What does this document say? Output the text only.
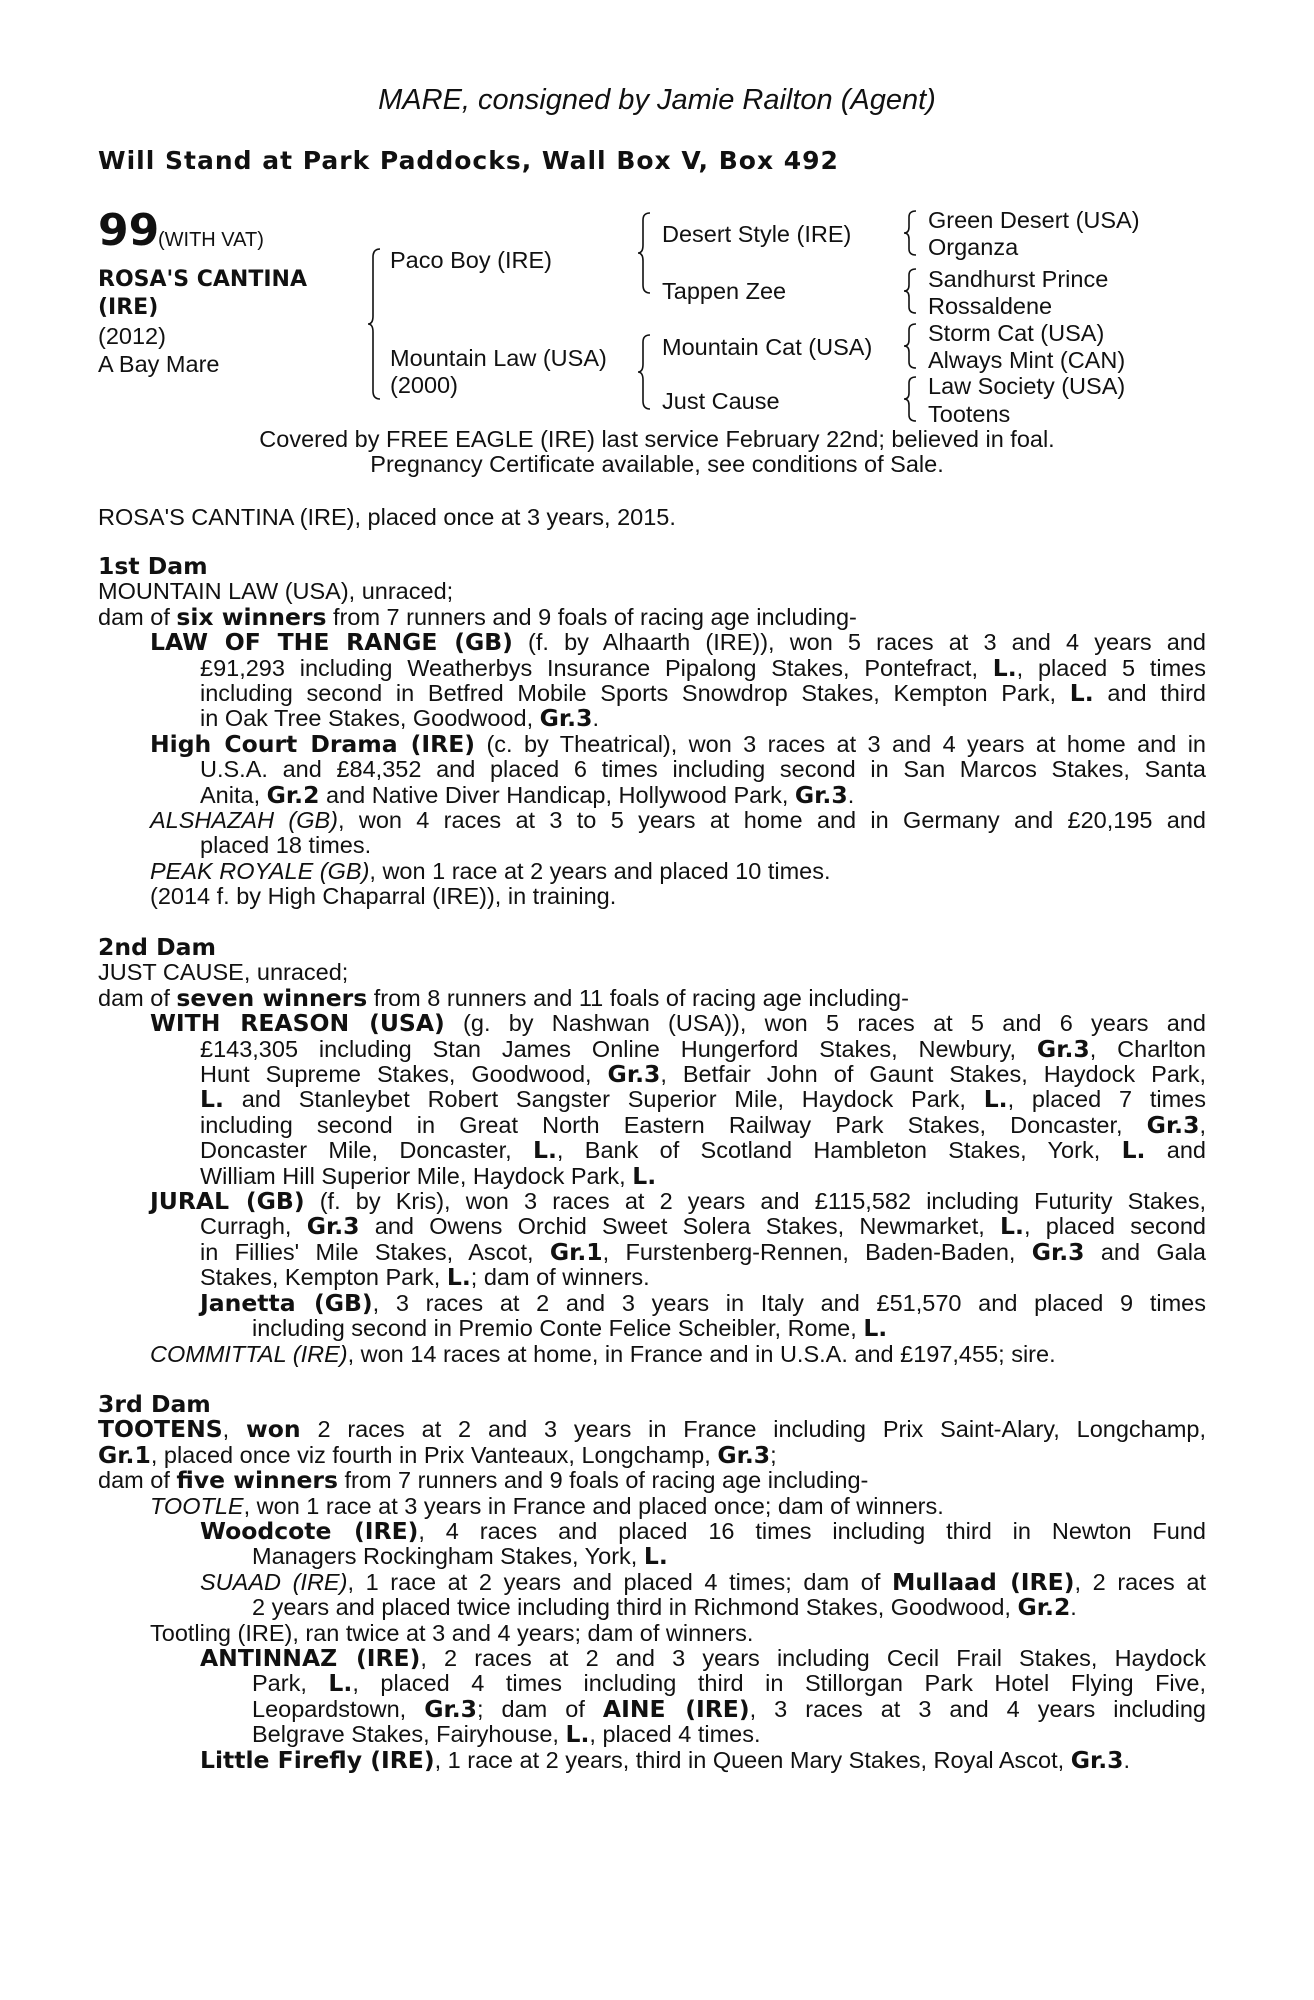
MARE, consigned by Jamie Railton (Agent)
Will Stand at Park Paddocks, Wall Box V, Box 492
99
(WITH VAT)
ROSA'S CANTINA
(IRE)
(2012)
A Bay Mare
Paco Boy (IRE)
Mountain Law (USA)
(2000)
Desert Style (IRE)
Tappen Zee
Mountain Cat (USA)
Just Cause
Green Desert (USA)
Organza
Sandhurst Prince
Rossaldene
Storm Cat (USA)
Always Mint (CAN)
Law Society (USA)
Tootens
Covered by FREE EAGLE (IRE) last service February 22nd; believed in foal.
Pregnancy Certificate available, see conditions of Sale.
ROSA'S CANTINA (IRE), placed once at 3 years, 2015.
1st Dam
MOUNTAIN LAW (USA), unraced;
dam of six winners from 7 runners and 9 foals of racing age including-
LAW OF THE RANGE (GB) (f. by Alhaarth (IRE)), won 5 races at 3 and 4 years and
£91,293 including Weatherbys Insurance Pipalong Stakes, Pontefract, L., placed 5 times
including second in Betfred Mobile Sports Snowdrop Stakes, Kempton Park, L. and third
in Oak Tree Stakes, Goodwood, Gr.3.
High Court Drama (IRE) (c. by Theatrical), won 3 races at 3 and 4 years at home and in
U.S.A. and £84,352 and placed 6 times including second in San Marcos Stakes, Santa
Anita, Gr.2 and Native Diver Handicap, Hollywood Park, Gr.3.
ALSHAZAH (GB), won 4 races at 3 to 5 years at home and in Germany and £20,195 and
placed 18 times.
PEAK ROYALE (GB), won 1 race at 2 years and placed 10 times.
(2014 f. by High Chaparral (IRE)), in training.
2nd Dam
JUST CAUSE, unraced;
dam of seven winners from 8 runners and 11 foals of racing age including-
WITH REASON (USA) (g. by Nashwan (USA)), won 5 races at 5 and 6 years and
£143,305 including Stan James Online Hungerford Stakes, Newbury, Gr.3, Charlton
Hunt Supreme Stakes, Goodwood, Gr.3, Betfair John of Gaunt Stakes, Haydock Park,
L. and Stanleybet Robert Sangster Superior Mile, Haydock Park, L., placed 7 times
including second in Great North Eastern Railway Park Stakes, Doncaster, Gr.3,
Doncaster Mile, Doncaster, L., Bank of Scotland Hambleton Stakes, York, L. and
William Hill Superior Mile, Haydock Park, L.
JURAL (GB) (f. by Kris), won 3 races at 2 years and £115,582 including Futurity Stakes,
Curragh, Gr.3 and Owens Orchid Sweet Solera Stakes, Newmarket, L., placed second
in Fillies' Mile Stakes, Ascot, Gr.1, Furstenberg-Rennen, Baden-Baden, Gr.3 and Gala
Stakes, Kempton Park, L.; dam of winners.
Janetta (GB), 3 races at 2 and 3 years in Italy and £51,570 and placed 9 times
including second in Premio Conte Felice Scheibler, Rome, L.
COMMITTAL (IRE), won 14 races at home, in France and in U.S.A. and £197,455; sire.
3rd Dam
TOOTENS, won 2 races at 2 and 3 years in France including Prix Saint-Alary, Longchamp,
Gr.1, placed once viz fourth in Prix Vanteaux, Longchamp, Gr.3;
dam of five winners from 7 runners and 9 foals of racing age including-
TOOTLE, won 1 race at 3 years in France and placed once; dam of winners.
Woodcote (IRE), 4 races and placed 16 times including third in Newton Fund
Managers Rockingham Stakes, York, L.
SUAAD (IRE), 1 race at 2 years and placed 4 times; dam of Mullaad (IRE), 2 races at
2 years and placed twice including third in Richmond Stakes, Goodwood, Gr.2.
Tootling (IRE), ran twice at 3 and 4 years; dam of winners.
ANTINNAZ (IRE), 2 races at 2 and 3 years including Cecil Frail Stakes, Haydock
Park, L., placed 4 times including third in Stillorgan Park Hotel Flying Five,
Leopardstown, Gr.3; dam of AINE (IRE), 3 races at 3 and 4 years including
Belgrave Stakes, Fairyhouse, L., placed 4 times.
Little Firefly (IRE), 1 race at 2 years, third in Queen Mary Stakes, Royal Ascot, Gr.3.
